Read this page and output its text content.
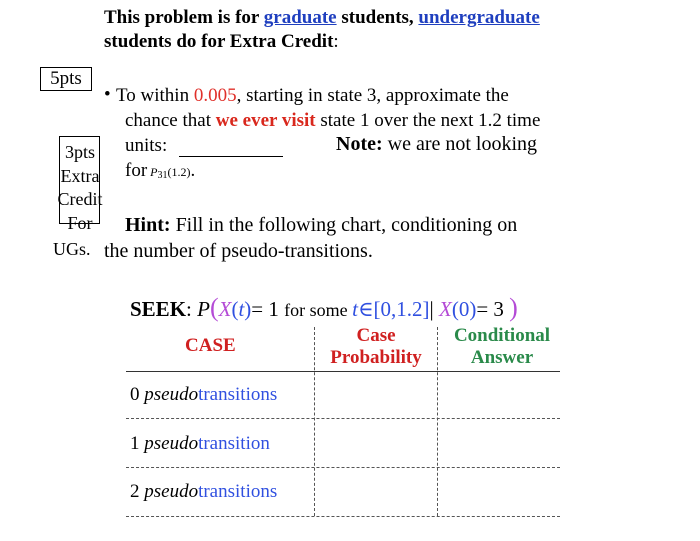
This problem is for graduate students, undergraduate
students do for Extra Credit:
5pts
3pts
Extra
Credit
For
UGs.
• To within 0.005, starting in state 3, approximate the
chance that we ever visit state 1 over the next 1.2 time
units:	Note: we are not looking
for $P_{31}(1.2)$.
Hint: Fill in the following chart, conditioning on
the number of pseudo-transitions.
SEEK: P(X(t)= 1 for some t∈[0,1.2]| X(0)= 3 )
CASE	Case
Probability
Conditional
Answer
0 pseudotransitions
1 pseudotransition
2 pseudotransitions
